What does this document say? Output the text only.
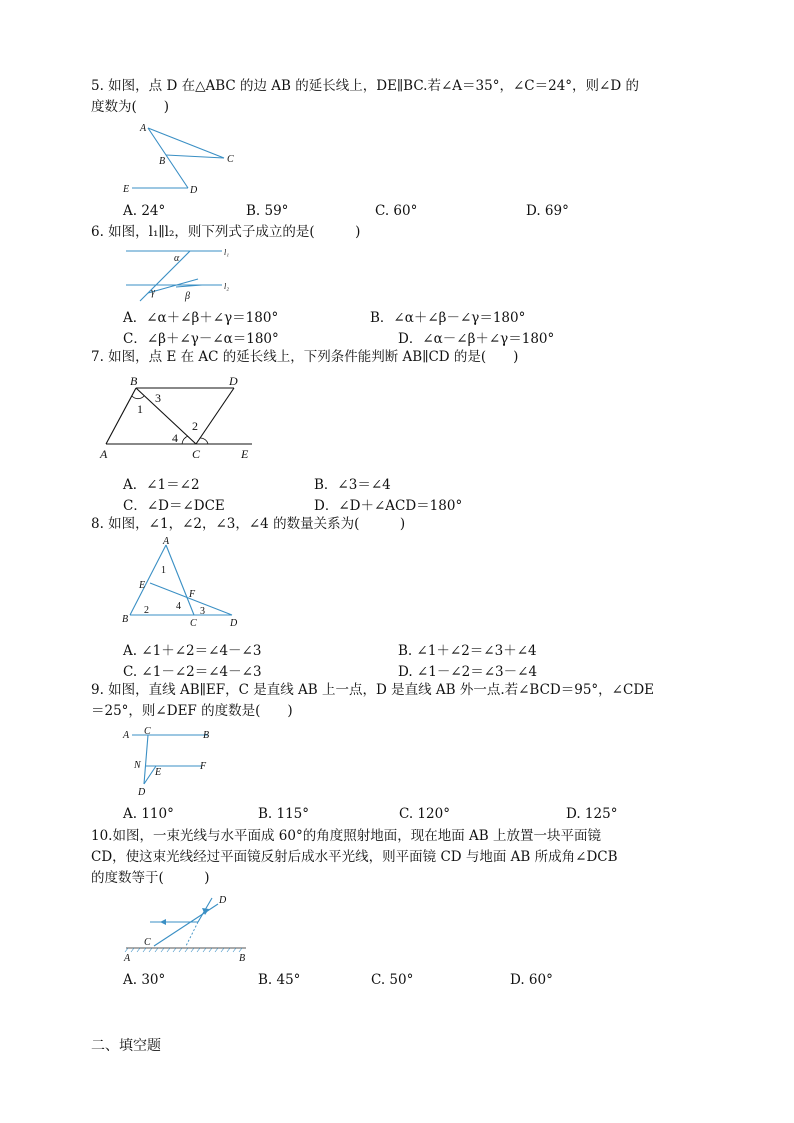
5. 如图，点 D 在△ABC 的边 AB 的延长线上，DE∥BC.若∠A＝35°，∠C＝24°，则∠D 的
度数为(　　)
A
B	C
E	D
A. 24°	B. 59°	C. 60°	D. 69°
6. 如图，l₁∥l₂，则下列式子成立的是(　　　)
α
γ	β
l₁
l₂
A．∠α＋∠β＋∠γ＝180°	B．∠α＋∠β－∠γ＝180°
C．∠β＋∠γ－∠α＝180°	D．∠α－∠β＋∠γ＝180°
7. 如图，点 E 在 AC 的延长线上，下列条件能判断 AB∥CD 的是(　　)
B	D
1
3
2
4
A	C	E
A．∠1＝∠2	B．∠3＝∠4
C．∠D＝∠DCE	D．∠D＋∠ACD＝180°
8. 如图，∠1，∠2，∠3，∠4 的数量关系为(　　　)
A
1
E
F
4
2	3
B	C	D
A. ∠1＋∠2＝∠4－∠3	B. ∠1＋∠2＝∠3＋∠4
C. ∠1－∠2＝∠4－∠3	D. ∠1－∠2＝∠3－∠4
9. 如图，直线 AB∥EF，C 是直线 AB 上一点，D 是直线 AB 外一点.若∠BCD＝95°，∠CDE
＝25°，则∠DEF 的度数是(　　)
A C	B
N
E
F
D
A. 110°	B. 115°	C. 120°	D. 125°
10.如图，一束光线与水平面成 60°的角度照射地面，现在地面 AB 上放置一块平面镜
CD，使这束光线经过平面镜反射后成水平光线，则平面镜 CD 与地面 AB 所成角∠DCB
的度数等于(　　　)
D
C
A	B
A. 30°	B. 45°	C. 50°	D. 60°
二、填空题
